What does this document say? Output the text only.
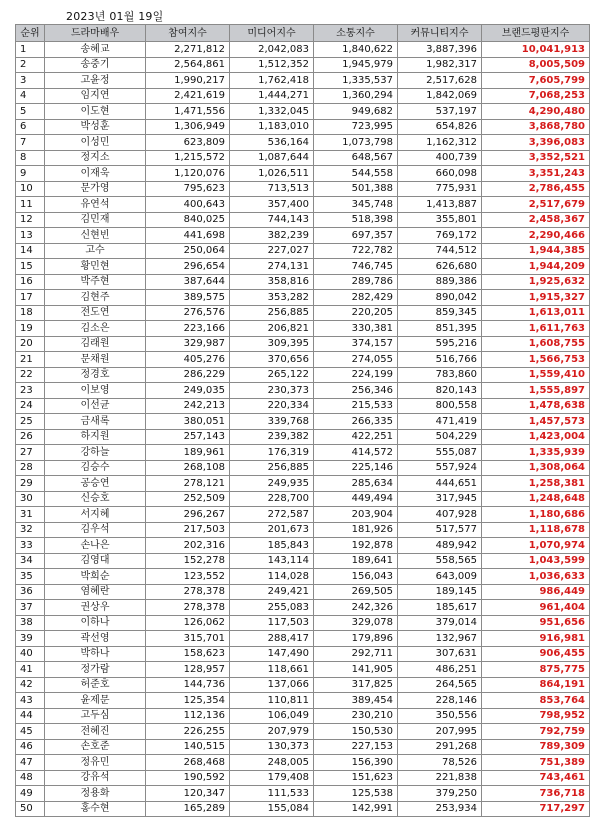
2023년 01월 19일
순위	드라마배우	참여지수	미디어지수	소통지수	커뮤니티지수	브랜드평판지수
1	송혜교	2,271,812	2,042,083	1,840,622	3,887,396	10,041,913
2	송중기	2,564,861	1,512,352	1,945,979	1,982,317	8,005,509
3	고윤정	1,990,217	1,762,418	1,335,537	2,517,628	7,605,799
4	임지연	2,421,619	1,444,271	1,360,294	1,842,069	7,068,253
5	이도현	1,471,556	1,332,045	949,682	537,197	4,290,480
6	박성훈	1,306,949	1,183,010	723,995	654,826	3,868,780
7	이성민	623,809	536,164	1,073,798	1,162,312	3,396,083
8	정지소	1,215,572	1,087,644	648,567	400,739	3,352,521
9	이재욱	1,120,076	1,026,511	544,558	660,098	3,351,243
10	문가영	795,623	713,513	501,388	775,931	2,786,455
11	유연석	400,643	357,400	345,748	1,413,887	2,517,679
12	김민재	840,025	744,143	518,398	355,801	2,458,367
13	신현빈	441,698	382,239	697,357	769,172	2,290,466
14	고수	250,064	227,027	722,782	744,512	1,944,385
15	황민현	296,654	274,131	746,745	626,680	1,944,209
16	박주현	387,644	358,816	289,786	889,386	1,925,632
17	김현주	389,575	353,282	282,429	890,042	1,915,327
18	전도연	276,576	256,885	220,205	859,345	1,613,011
19	김소은	223,166	206,821	330,381	851,395	1,611,763
20	김래원	329,987	309,395	374,157	595,216	1,608,755
21	문채원	405,276	370,656	274,055	516,766	1,566,753
22	정경호	286,229	265,122	224,199	783,860	1,559,410
23	이보영	249,035	230,373	256,346	820,143	1,555,897
24	이선균	242,213	220,334	215,533	800,558	1,478,638
25	금새록	380,051	339,768	266,335	471,419	1,457,573
26	하지원	257,143	239,382	422,251	504,229	1,423,004
27	강하늘	189,961	176,319	414,572	555,087	1,335,939
28	김승수	268,108	256,885	225,146	557,924	1,308,064
29	공승연	278,121	249,935	285,634	444,651	1,258,381
30	신승호	252,509	228,700	449,494	317,945	1,248,648
31	서지혜	296,267	272,587	203,904	407,928	1,180,686
32	김우석	217,503	201,673	181,926	517,577	1,118,678
33	손나은	202,316	185,843	192,878	489,942	1,070,974
34	김영대	152,278	143,114	189,641	558,565	1,043,599
35	박희순	123,552	114,028	156,043	643,009	1,036,633
36	염혜란	278,378	249,421	269,505	189,145	986,449
37	권상우	278,378	255,083	242,326	185,617	961,404
38	이하나	126,062	117,503	329,078	379,014	951,656
39	곽선영	315,701	288,417	179,896	132,967	916,981
40	박하나	158,623	147,490	292,711	307,631	906,455
41	정가람	128,957	118,661	141,905	486,251	875,775
42	허준호	144,736	137,066	317,825	264,565	864,191
43	윤제문	125,354	110,811	389,454	228,146	853,764
44	고두심	112,136	106,049	230,210	350,556	798,952
45	전혜진	226,255	207,979	150,530	207,995	792,759
46	손호준	140,515	130,373	227,153	291,268	789,309
47	정유민	268,468	248,005	156,390	78,526	751,389
48	강유석	190,592	179,408	151,623	221,838	743,461
49	정용화	120,347	111,533	125,538	379,250	736,718
50	홍수현	165,289	155,084	142,991	253,934	717,297
